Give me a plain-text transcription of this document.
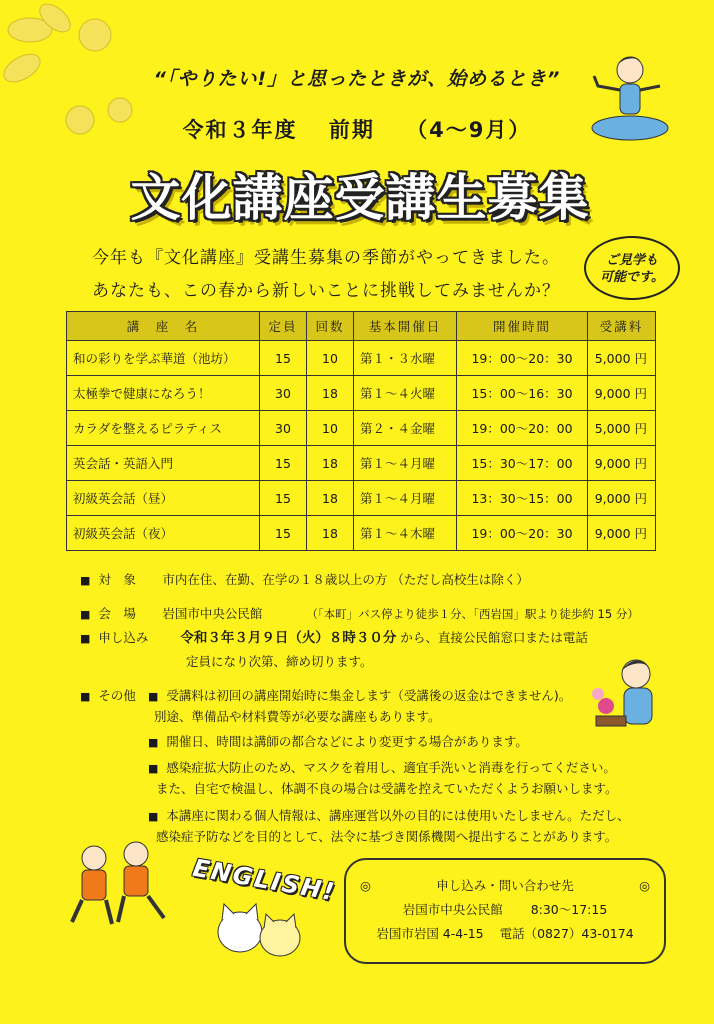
“「やりたい!」と思ったときが、始めるとき”
令和３年度 前期 （4～9月）
文化講座受講生募集
今年も『文化講座』受講生募集の季節がやってきました。
あなたも、この春から新しいことに挑戦してみませんか？
ご見学も
可能です。
講　座　名	定員	回数	基本開催日	開催時間	受講料
和の彩りを学ぶ華道（池坊）	15	10	第１・３水曜	19：00～20：30	5,000 円
太極拳で健康になろう！	30	18	第１～４火曜	15：00～16：30	9,000 円
カラダを整えるピラティス	30	10	第２・４金曜	19：00～20：00	5,000 円
英会話・英語入門	15	18	第１～４月曜	15：30～17：00	9,000 円
初級英会話（昼）	15	18	第１～４月曜	13：30～15：00	9,000 円
初級英会話（夜）	15	18	第１～４木曜	19：00～20：30	9,000 円
■ 対　象 市内在住、在勤、在学の１８歳以上の方 （ただし高校生は除く）
■ 会　場 岩国市中央公民館	（「本町」バス停より徒歩１分、「西岩国」駅より徒歩約 15 分）
■ 申し込み 令和３年３月９日（火）８時３０分 から、直接公民館窓口または電話
定員になり次第、締め切ります。
■ その他 ■ 受講料は初回の講座開始時に集金します（受講後の返金はできません)。
別途、準備品や材料費等が必要な講座もあります。
■ 開催日、時間は講師の都合などにより変更する場合があります。
■ 感染症拡大防止のため、マスクを着用し、適宜手洗いと消毒を行ってください。
また、自宅で検温し、体調不良の場合は受講を控えていただくようお願いします。
■ 本講座に関わる個人情報は、講座運営以外の目的には使用いたしません。ただし、
感染症予防などを目的として、法令に基づき関係機関へ提出することがあります。
ENGLISH! ◎	申し込み・問い合わせ先	◎
岩国市中央公民館 8:30～17:15
岩国市岩国 4-4-15 電話（0827）43-0174
